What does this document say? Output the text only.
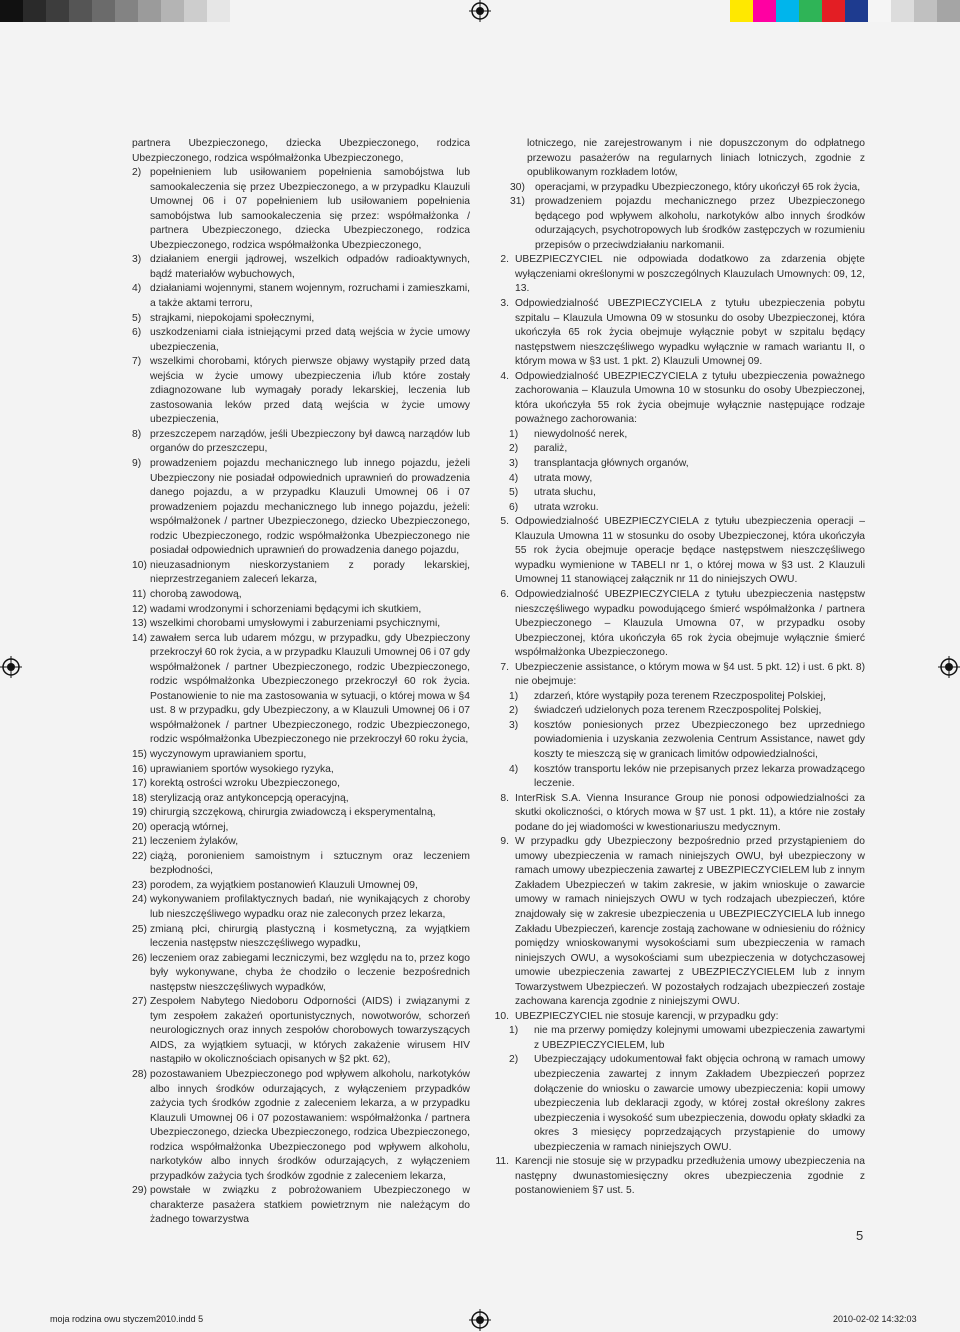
partnera Ubezpieczonego, dziecka Ubezpieczonego, rodzica Ubezpieczonego, rodzica współmałżonka Ubezpieczonego,

2) popełnieniem lub usiłowaniem popełnienia samobójstwa lub samookaleczenia się przez Ubezpieczonego, a w przypadku Klauzuli Umownej 06 i 07 popełnieniem lub usiłowaniem popełnienia samobójstwa lub samookaleczenia się przez: współmałżonka / partnera Ubezpieczonego, dziecka Ubezpieczonego, rodzica Ubezpieczonego, rodzica współmałżonka Ubezpieczonego,
3) działaniem energii jądrowej, wszelkich odpadów radioaktywnych, bądź materiałów wybuchowych,
4) działaniami wojennymi, stanem wojennym, rozruchami i zamieszkami, a także aktami terroru,
5) strajkami, niepokojami społecznymi,
6) uszkodzeniami ciała istniejącymi przed datą wejścia w życie umowy ubezpieczenia,
7) wszelkimi chorobami, których pierwsze objawy wystąpiły przed datą wejścia w życie umowy ubezpieczenia i/lub które zostały zdiagnozowane lub wymagały porady lekarskiej, leczenia lub zastosowania leków przed datą wejścia w życie umowy ubezpieczenia,
8) przeszczepem narządów, jeśli Ubezpieczony był dawcą narządów lub organów do przeszczepu,
9) prowadzeniem pojazdu mechanicznego lub innego pojazdu, jeżeli Ubezpieczony nie posiadał odpowiednich uprawnień do prowadzenia danego pojazdu, a w przypadku Klauzuli Umownej 06 i 07 prowadzeniem pojazdu mechanicznego lub innego pojazdu, jeżeli: współmałżonek / partner Ubezpieczonego, dziecko Ubezpieczonego, rodzic Ubezpieczonego, rodzic współmałżonka Ubezpieczonego nie posiadał odpowiednich uprawnień do prowadzenia danego pojazdu,
10) nieuzasadnionym nieskorzystaniem z porady lekarskiej, nieprzestrzeganiem zaleceń lekarza,
11) chorobą zawodową,
12) wadami wrodzonymi i schorzeniami będącymi ich skutkiem,
13) wszelkimi chorobami umysłowymi i zaburzeniami psychicznymi,
14) zawałem serca lub udarem mózgu, w przypadku, gdy Ubezpieczony przekroczył 60 rok życia, a w przypadku Klauzuli Umownej 06 i 07 gdy współmałżonek / partner Ubezpieczonego, rodzic Ubezpieczonego, rodzic współmałżonka Ubezpieczonego przekroczył 60 rok życia. Postanowienie to nie ma zastosowania w sytuacji, o której mowa w §4 ust. 8 w przypadku, gdy Ubezpieczony, a w Klauzuli Umownej 06 i 07 współmałżonek / partner Ubezpieczonego, rodzic Ubezpieczonego, rodzic współmałżonka Ubezpieczonego nie przekroczył 60 roku życia,
15) wyczynowym uprawianiem sportu,
16) uprawianiem sportów wysokiego ryzyka,
17) korektą ostrości wzroku Ubezpieczonego,
18) sterylizacją oraz antykoncepcją operacyjną,
19) chirurgią szczękową, chirurgia zwiadowczą i eksperymentalną,
20) operacją wtórnej,
21) leczeniem żylaków,
22) ciążą, poronieniem samoistnym i sztucznym oraz leczeniem bezpłodności,
23) porodem, za wyjątkiem postanowień Klauzuli Umownej 09,
24) wykonywaniem profilaktycznych badań, nie wynikających z choroby lub nieszczęśliwego wypadku oraz nie zaleconych przez lekarza,
25) zmianą płci, chirurgią plastyczną i kosmetyczną, za wyjątkiem leczenia następstw nieszczęśliwego wypadku,
26) leczeniem oraz zabiegami leczniczymi, bez względu na to, przez kogo były wykonywane, chyba że chodziło o leczenie bezpośrednich następstw nieszczęśliwych wypadków,
27) Zespołem Nabytego Niedoboru Odporności (AIDS) i związanymi z tym zespołem zakażeń oportunistycznych, nowotworów, schorzeń neurologicznych oraz innych zespołów chorobowych towarzyszących AIDS, za wyjątkiem sytuacji, w których zakażenie wirusem HIV nastąpiło w okolicznościach opisanych w §2 pkt. 62),
28) pozostawaniem Ubezpieczonego pod wpływem alkoholu, narkotyków albo innych środków odurzających, z wyłączeniem przypadków zażycia tych środków zgodnie z zaleceniem lekarza, a w przypadku Klauzuli Umownej 06 i 07 pozostawaniem: współmałżonka / partnera Ubezpieczonego, dziecka Ubezpieczonego, rodzica Ubezpieczonego, rodzica współmałżonka Ubezpieczonego pod wpływem alkoholu, narkotyków albo innych środków odurzających, z wyłączeniem przypadków zażycia tych środków zgodnie z zaleceniem lekarza,
29) powstałe w związku z pobrożowaniem Ubezpieczonego w charakterze pasażera statkiem powietrznym nie należącym do żadnego towarzystwa

lotniczego, nie zarejestrowanym i nie dopuszczonym do odpłatnego przewozu pasażerów na regularnych liniach lotniczych, zgodnie z opublikowanym rozkładem lotów,

30) operacjami, w przypadku Ubezpieczonego, który ukończył 65 rok życia,
31) prowadzeniem pojazdu mechanicznego przez Ubezpieczonego będącego pod wpływem alkoholu, narkotyków albo innych środków odurzających, psychotropowych lub środków zastępczych w rozumieniu przepisów o przeciwdziałaniu narkomanii.
2. UBEZPIECZYCIEL nie odpowiada dodatkowo za zdarzenia objęte wyłączeniami określonymi w poszczególnych Klauzulach Umownych: 09, 12, 13.
3. Odpowiedzialność UBEZPIECZYCIELA z tytułu ubezpieczenia pobytu szpitalu – Klauzula Umowna 09 w stosunku do osoby Ubezpieczonej, która ukończyła 65 rok życia obejmuje wyłącznie pobyt w szpitalu będący następstwem nieszczęśliwego wypadku wyłącznie w ramach wariantu II, o którym mowa w §3 ust. 1 pkt. 2) Klauzuli Umownej 09.
4. Odpowiedzialność UBEZPIECZYCIELA z tytułu ubezpieczenia poważnego zachorowania – Klauzula Umowna 10 w stosunku do osoby Ubezpieczonej, która ukończyła 55 rok życia obejmuje wyłącznie następujące rodzaje poważnego zachorowania:
1)	niewydolność nerek,
2)	paraliż,
3)	transplantacja głównych organów,
4)	utrata mowy,
5)	utrata słuchu,
6)	utrata wzroku.
5. Odpowiedzialność UBEZPIECZYCIELA z tytułu ubezpieczenia operacji – Klauzula Umowna 11 w stosunku do osoby Ubezpieczonej, która ukończyła 55 rok życia obejmuje operacje będące następstwem nieszczęśliwego wypadku wymienione w TABELI nr 1, o której mowa w §3 ust. 2 Klauzuli Umownej 11 stanowiącej załącznik nr 11 do niniejszych OWU.
6. Odpowiedzialność UBEZPIECZYCIELA z tytułu ubezpieczenia następstw nieszczęśliwego wypadku powodującego śmierć współmałżonka / partnera Ubezpieczonego – Klauzula Umowna 07, w przypadku osoby Ubezpieczonej, która ukończyła 65 rok życia obejmuje wyłącznie śmierć współmałżonka Ubezpieczonego.
7. Ubezpieczenie assistance, o którym mowa w §4 ust. 5 pkt. 12) i ust. 6 pkt. 8) nie obejmuje:
1)	zdarzeń, które wystąpiły poza terenem Rzeczpospolitej Polskiej,
2)	świadczeń udzielonych poza terenem Rzeczpospolitej Polskiej,
3)	kosztów poniesionych przez Ubezpieczonego bez uprzedniego powiadomienia i uzyskania zezwolenia Centrum Assistance, nawet gdy koszty te mieszczą się w granicach limitów odpowiedzialności,
4)	kosztów transportu leków nie przepisanych przez lekarza prowadzącego leczenie.
8. InterRisk S.A. Vienna Insurance Group nie ponosi odpowiedzialności za skutki okoliczności, o których mowa w §7 ust. 1 pkt. 11), a które nie zostały podane do jej wiadomości w kwestionariuszu medycznym.
9. W przypadku gdy Ubezpieczony bezpośrednio przed przystąpieniem do umowy ubezpieczenia w ramach niniejszych OWU, był ubezpieczony w ramach umowy ubezpieczenia zawartej z UBEZPIECZYCIELEM lub z innym Zakładem Ubezpieczeń w takim zakresie, w jakim wnioskuje o zawarcie umowy w ramach niniejszych OWU w tych rodzajach ubezpieczeń, które znajdowały się w zakresie ubezpieczenia u UBEZPIECZYCIELA lub innego Zakładu Ubezpieczeń, karencje zostają zachowane w odniesieniu do różnicy pomiędzy wnioskowanymi wysokościami sum ubezpieczenia w ramach niniejszych OWU, a wysokościami sum ubezpieczenia w dotychczasowej umowie ubezpieczenia zawartej z UBEZPIECZYCIELEM lub z innym Towarzystwem Ubezpieczeń. W pozostałych rodzajach ubezpieczeń zostaje zachowana karencja zgodnie z niniejszymi OWU.
10. UBEZPIECZYCIEL nie stosuje karencji, w przypadku gdy:
1)	nie ma przerwy pomiędzy kolejnymi umowami ubezpieczenia zawartymi z UBEZPIECZYCIELEM, lub
2)	Ubezpieczający udokumentował fakt objęcia ochroną w ramach umowy ubezpieczenia zawartej z innym Zakładem Ubezpieczeń poprzez dołączenie do wniosku o zawarcie umowy ubezpieczenia: kopii umowy ubezpieczenia lub deklaracji zgody, w której został określony zakres ubezpieczenia i wysokość sum ubezpieczenia, dowodu opłaty składki za okres 3 miesięcy poprzedzających przystąpienie do umowy ubezpieczenia w ramach niniejszych OWU.
11. Karencji nie stosuje się w przypadku przedłużenia umowy ubezpieczenia na następny dwunastomiesięczny okres ubezpieczenia zgodnie z postanowieniem §7 ust. 5.
5
moja rodzina owu styczem2010.indd 5	2010-02-02 14:32:03
